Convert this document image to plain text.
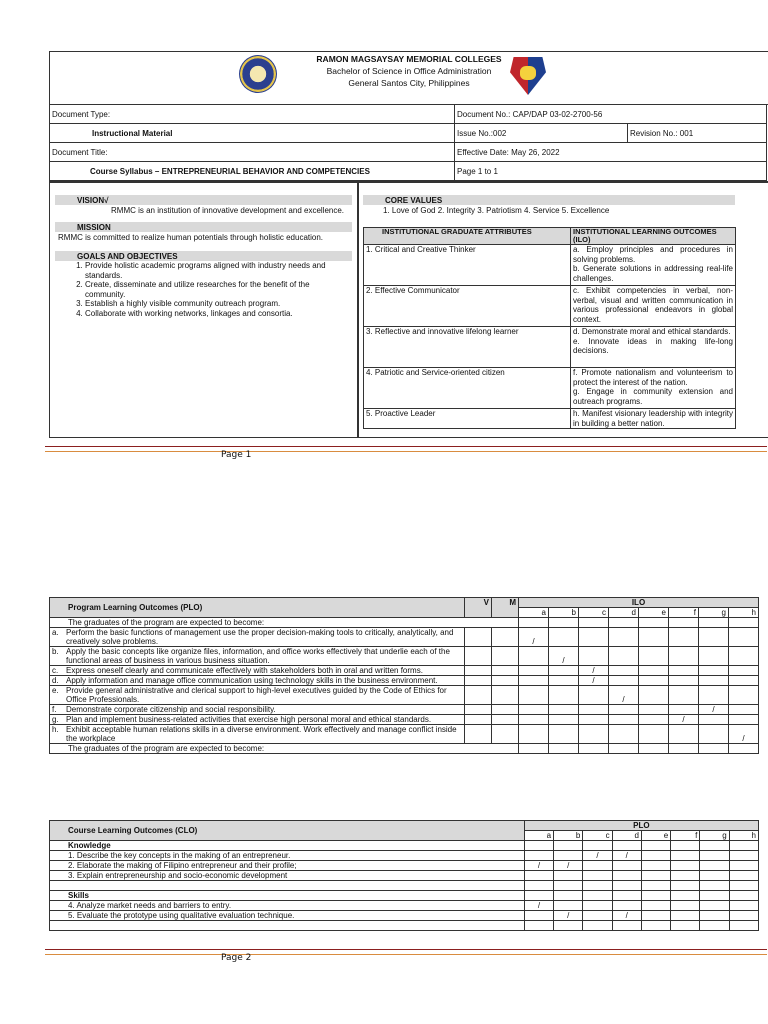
RAMON MAGSAYSAY MEMORIAL COLLEGES
Bachelor of Science in Office Administration
General Santos City, Philippines
Document Type:	Document No.: CAP/DAP 03-02-2700-56	
Instructional Material	Issue No.:002	Revision No.: 001
Document Title:	Effective Date: May 26, 2022	
Course Syllabus – ENTREPRENEURIAL BEHAVIOR AND COMPETENCIES	Page 1 to 1	
VISION√
RMMC is an institution of innovative development and excellence.
MISSION
RMMC is committed to realize human potentials through holistic education.
GOALS AND OBJECTIVES
1. Provide holistic academic programs aligned with industry needs and standards.
2. Create, disseminate and utilize researches for the benefit of the community.
3. Establish a highly visible community outreach program.
4. Collaborate with working networks, linkages and consortia.
CORE VALUES
1. Love of God 2. Integrity 3. Patriotism 4. Service 5. Excellence
INSTITUTIONAL GRADUATE ATTRIBUTES	INSTITUTIONAL LEARNING OUTCOMES (ILO)
1. Critical and Creative Thinker	a. Employ principles and procedures in solving problems.
b. Generate solutions in addressing real-life challenges.
2. Effective Communicator	c. Exhibit competencies in verbal, non-verbal, visual and written communication in various professional endeavors in global context.
3. Reflective and innovative lifelong learner	d. Demonstrate moral and ethical standards.
e. Innovate ideas in making life-long decisions.
4. Patriotic and Service-oriented citizen	f. Promote nationalism and volunteerism to protect the interest of the nation.
g. Engage in community extension and outreach programs.
5. Proactive Leader	h. Manifest visionary leadership with integrity in building a better nation.
Page 1
Program Learning Outcomes (PLO)		V	M	ILO							
				a	b	c	d	e	f	g	h
The graduates of the program are expected to become:											
a.	Perform the basic functions of management use the proper decision-making tools to critically, analytically, and creatively solve problems.			/							
b.	Apply the basic concepts like organize files, information, and office works effectively that underlie each of the functional areas of business in various business situation.				/						
c.	Express oneself clearly and communicate effectively with stakeholders both in oral and written forms.					/					
d.	Apply information and manage office communication using technology skills in the business environment.					/					
e.	Provide general administrative and clerical support to high-level executives guided by the Code of Ethics for Office Professionals.						/				
f.	Demonstrate corporate citizenship and social responsibility.									/	
g.	Plan and implement business-related activities that exercise high personal moral and ethical standards.								/		
h.	Exhibit acceptable human relations skills in a diverse environment. Work effectively and manage conflict inside the workplace										/
The graduates of the program are expected to become:											
Course Learning Outcomes (CLO)	PLO							
	a	b	c	d	e	f	g	h
Knowledge								
1. Describe the key concepts in the making of an entrepreneur.			/	/				
2. Elaborate the making of Filipino entrepreneur and their profile;	/	/						
3. Explain entrepreneurship and socio-economic development								

Skills								
4. Analyze market needs and barriers to entry.	/							
5. Evaluate the prototype using qualitative evaluation technique.		/		/				

Page 2
